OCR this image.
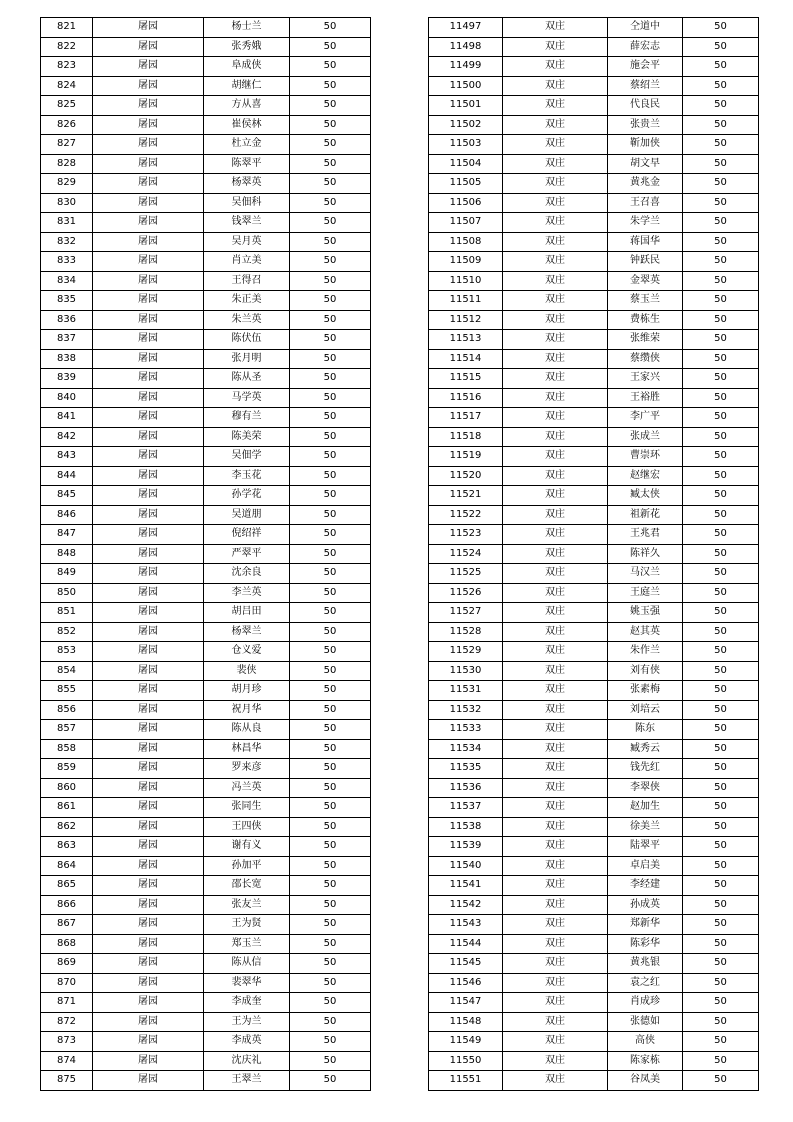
821	屠园	杨士兰	50
822	屠园	张秀娥	50
823	屠园	阜成侠	50
824	屠园	胡继仁	50
825	屠园	方从喜	50
826	屠园	崔侯林	50
827	屠园	杜立金	50
828	屠园	陈翠平	50
829	屠园	杨翠英	50
830	屠园	吴佃科	50
831	屠园	钱翠兰	50
832	屠园	吴月英	50
833	屠园	肖立美	50
834	屠园	王得召	50
835	屠园	朱正美	50
836	屠园	朱兰英	50
837	屠园	陈伏伍	50
838	屠园	张月明	50
839	屠园	陈从圣	50
840	屠园	马学英	50
841	屠园	穆有兰	50
842	屠园	陈美荣	50
843	屠园	吴佃学	50
844	屠园	李玉花	50
845	屠园	孙学花	50
846	屠园	吴道朋	50
847	屠园	倪绍祥	50
848	屠园	严翠平	50
849	屠园	沈余良	50
850	屠园	李兰英	50
851	屠园	胡吕田	50
852	屠园	杨翠兰	50
853	屠园	仓义爱	50
854	屠园	裴侠	50
855	屠园	胡月珍	50
856	屠园	祝月华	50
857	屠园	陈从良	50
858	屠园	林昌华	50
859	屠园	罗来彦	50
860	屠园	冯兰英	50
861	屠园	张同生	50
862	屠园	王四侠	50
863	屠园	谢有义	50
864	屠园	孙加平	50
865	屠园	邵长宽	50
866	屠园	张友兰	50
867	屠园	王为贤	50
868	屠园	郑玉兰	50
869	屠园	陈从信	50
870	屠园	裴翠华	50
871	屠园	李成奎	50
872	屠园	王为兰	50
873	屠园	李成英	50
874	屠园	沈庆礼	50
875	屠园	王翠兰	50
11497	双庄	仝道中	50
11498	双庄	薛宏志	50
11499	双庄	施会平	50
11500	双庄	蔡绍兰	50
11501	双庄	代良民	50
11502	双庄	张贵兰	50
11503	双庄	靳加侠	50
11504	双庄	胡文早	50
11505	双庄	黄兆金	50
11506	双庄	王召喜	50
11507	双庄	朱学兰	50
11508	双庄	蒋国华	50
11509	双庄	钟跃民	50
11510	双庄	金翠英	50
11511	双庄	蔡玉兰	50
11512	双庄	费栋生	50
11513	双庄	张维荣	50
11514	双庄	蔡缵侠	50
11515	双庄	王家兴	50
11516	双庄	王裕胜	50
11517	双庄	李广平	50
11518	双庄	张成兰	50
11519	双庄	曹崇环	50
11520	双庄	赵继宏	50
11521	双庄	臧太侠	50
11522	双庄	祖新花	50
11523	双庄	王兆君	50
11524	双庄	陈祥久	50
11525	双庄	马汉兰	50
11526	双庄	王庭兰	50
11527	双庄	姚玉强	50
11528	双庄	赵其英	50
11529	双庄	朱作兰	50
11530	双庄	刘有侠	50
11531	双庄	张素梅	50
11532	双庄	刘培云	50
11533	双庄	陈东	50
11534	双庄	臧秀云	50
11535	双庄	钱先红	50
11536	双庄	李翠侠	50
11537	双庄	赵加生	50
11538	双庄	徐美兰	50
11539	双庄	陆翠平	50
11540	双庄	卓启美	50
11541	双庄	李经建	50
11542	双庄	孙成英	50
11543	双庄	郑新华	50
11544	双庄	陈彩华	50
11545	双庄	黄兆银	50
11546	双庄	袁之红	50
11547	双庄	肖成珍	50
11548	双庄	张德如	50
11549	双庄	高侠	50
11550	双庄	陈家栋	50
11551	双庄	谷凤美	50
